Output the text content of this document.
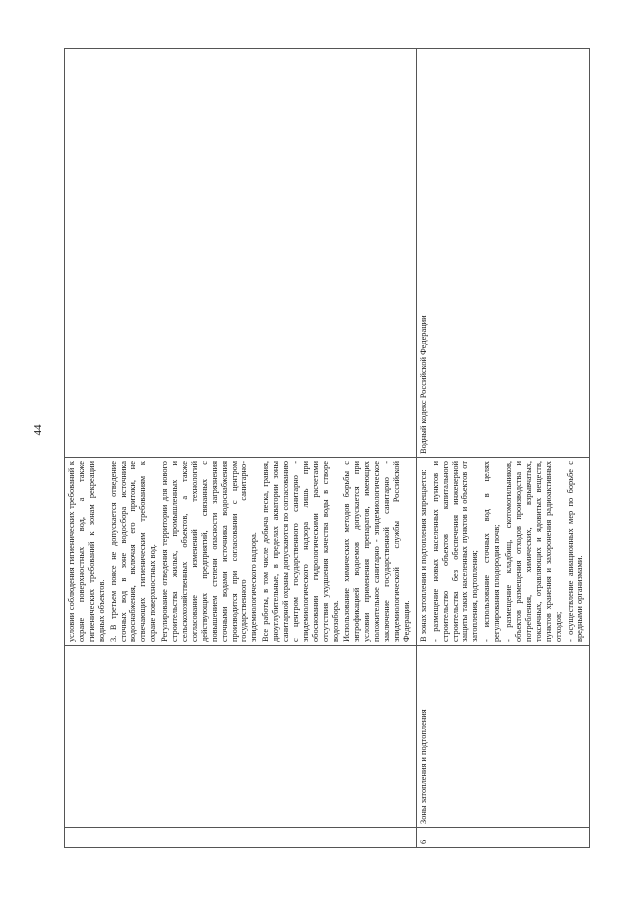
44

		условии соблюдения гигиенических требований к охране поверхностных вод, а также гигиенических требований к зонам рекреации водных объектов. 3. В третьем поясе не допускается отведение сточных вод в зоне водосбора источника водоснабжения, включая его притоки, не отвечающих гигиеническим требованиям к охране поверхностных вод. Регулирование отведения территории для нового строительства жилых, промышленных и сельскохозяйственных объектов, а также согласование изменений технологий действующих предприятий, связанных с повышением степени опасности загрязнения сточными водами источника водоснабжения производится при согласовании с центром государственного санитарно-эпидемиологического надзора. Все работы, в том числе добыча песка, гравия, дноуглубительные, в пределах акватории зоны санитарной охраны допускаются по согласованию с центром государственного санитарно - эпидемиологического надзора лишь при обосновании гидрологическими расчетами отсутствия ухудшения качества воды в створе водозабора. Использование химических методов борьбы с эвтрофикацией водоемов допускается при условии применения препаратов, имеющих положительное санитарно - эпидемиологическое заключение государственной санитарно - эпидемиологической службы Российской Федерации.	

6	Зоны затопления и подтопления	В зонах затопления и подтопления запрещается: - размещение новых населенных пунктов и строительство объектов капитального строительства без обеспечения инженерной защиты таких населенных пунктов и объектов от затопления, подтопления; - использование сточных вод в целях регулирования плодородия почв; - размещение кладбищ, скотомогильников, объектов размещения отходов производства и потребления, химических, взрывчатых, токсичных, отравляющих и ядовитых веществ, пунктов хранения и захоронения радиоактивных отходов; - осуществление авиационных мер по борьбе с вредными организмами.	Водный кодекс Российской Федерации
